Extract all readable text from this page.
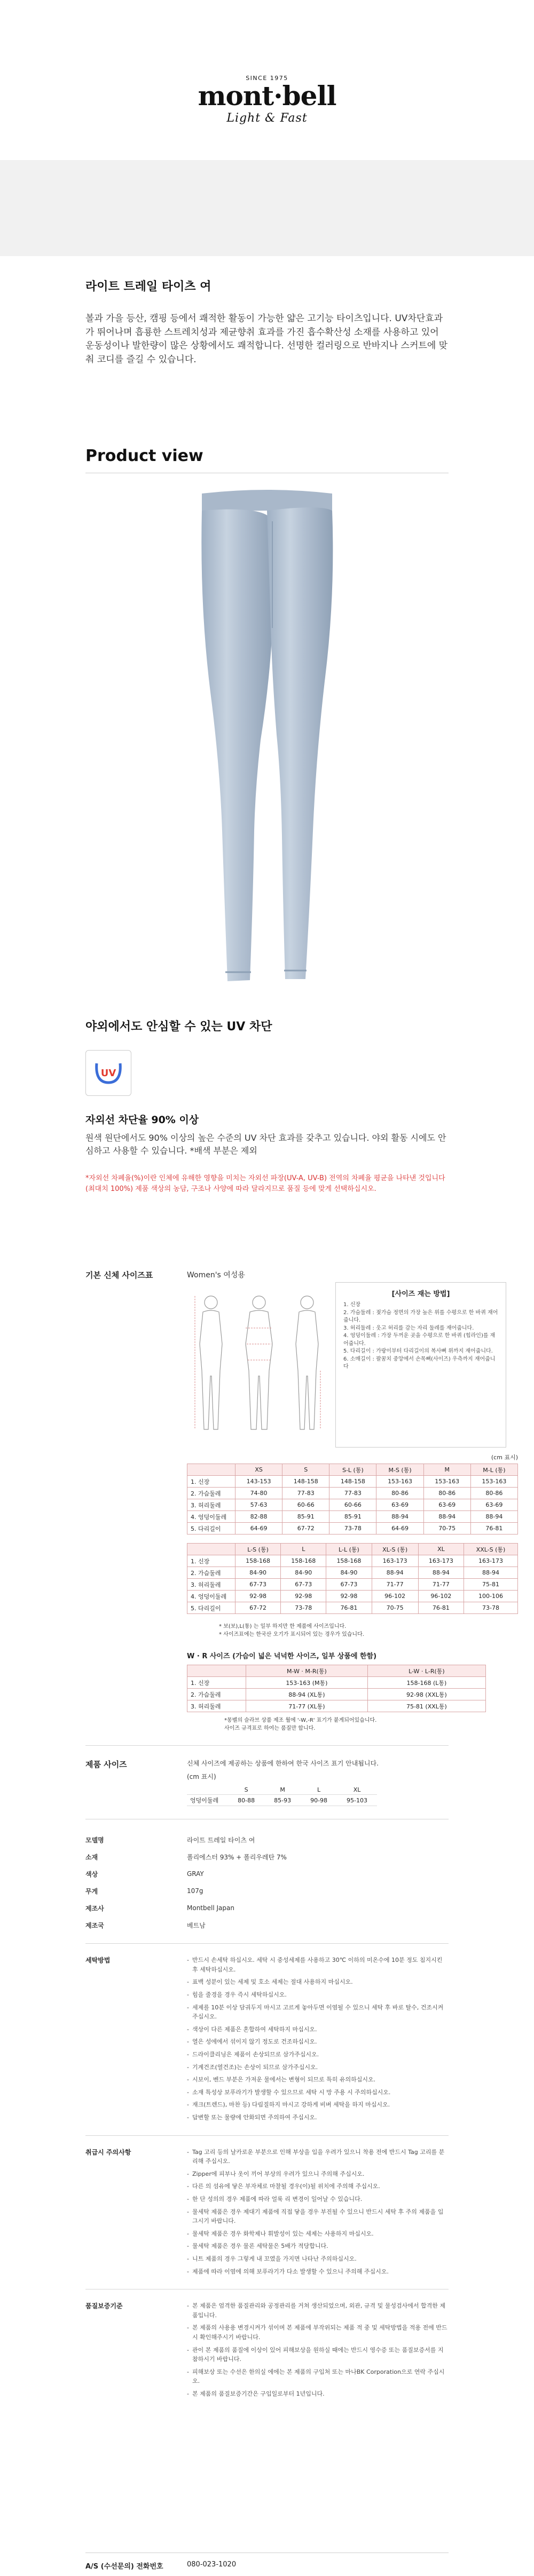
SINCE 1975
mont·bell
Light & Fast
라이트 트레일 타이츠 여
볼과 가을 등산, 캠핑 등에서 쾌적한 활동이 가능한 얇은 고기능 타이츠입니다. UV차단효과가 뛰어나며 흡룡한 스트레치성과 제균향취 효과를 가진 흡수확산성 소재를 사용하고 있어 운동성이나 발한량이 많은 상황에서도 쾌적합니다. 선명한 컬러링으로 반바지나 스커트에 맞춰 코디를 즐길 수 있습니다.
Product view
야외에서도 안심할 수 있는 UV 차단
UV
자외선 차단율 90% 이상
원색 원단에서도 90% 이상의 높은 수준의 UV 차단 효과를 갖추고 있습니다. 야외 활동 시에도 안심하고 사용할 수 있습니다. *배색 부분은 제외
*자외선 차폐율(%)이란 인체에 유해한 영향을 미치는 자외선 파장(UV-A, UV-B) 전역의 차폐율 평균을 나타낸 것입니다 (최대치 100%) 제품 색상의 농담, 구조나 사양에 따라 달라지므로 품질 등에 맞게 선택하십시오.
기본 신체 사이즈표	Women's 여성용
[사이즈 재는 방법]
1. 신장
2. 가슴둘레 : 젖가슴 정면의 가장 높은 위를 수평으로 한 바퀴 재어줍니다.
3. 허리둘레 : 웃고 허리를 감는 자리 둘레를 재어줍니다.
4. 엉덩이둘레 : 가장 두꺼운 곳을 수평으로 한 바퀴 (힙라인)를 재어줍니다.
5. 다리길이 : 가랑이부터 다리길이의 복사뼈 위까지 재어줍니다.
6. 소매길이 : 팔꿈치 중앙에서 손목뼈(사이즈) 우측까지 재어줍니다
(cm 표시)
	XS	S	S-L (통)	M-S (통)	M	M-L (통)
1. 신장	143-153	148-158	148-158	153-163	153-163	153-163
2. 가슴둘레	74-80	77-83	77-83	80-86	80-86	80-86
3. 허리둘레	57-63	60-66	60-66	63-69	63-69	63-69
4. 엉덩이둘레	82-88	85-91	85-91	88-94	88-94	88-94
5. 다리길이	64-69	67-72	73-78	64-69	70-75	76-81
	L-S (통)	L	L-L (통)	XL-S (통)	XL	XXL-S (통)
1. 신장	158-168	158-168	158-168	163-173	163-173	163-173
2. 가슴둘레	84-90	84-90	84-90	88-94	88-94	88-94
3. 허리둘레	67-73	67-73	67-73	71-77	71-77	75-81
4. 엉덩이둘레	92-98	92-98	92-98	96-102	96-102	100-106
5. 다리길이	67-72	73-78	76-81	70-75	76-81	73-78
* 보(보),L(통) 는 일부 하지만 한 제품에 사이즈입니다.
* 사이즈표에는 한국산 오기가 표시되어 있는 경우가 있습니다.
W · R 사이즈 (가슴이 넓은 넉넉한 사이즈, 일부 상품에 한함)
	M-W · M-R(통)	L-W · L-R(통)
1. 신장	153-163 (M통)	158-168 (L통)
2. 가슴둘레	88-94 (XL통)	92-98 (XXL통)
3. 허리둘레	71-77 (XL통)	75-81 (XXL통)
*몽벨의 슬라브 상품 제조 월에 '-W,-R' 표기가 붙게되어있습니다.
사이즈 규격표로 하여는 품질만 합니다.
제품 사이즈	신체 사이즈에 제공하는 상품에 한하여 한국 사이즈 표기 안내됩니다.
(cm 표시)
	S	M	L	XL
엉덩이둘레	80-88	85-93	90-98	95-103
모델명	라이트 트레일 타이츠 여
소재	폴리에스터 93% + 폴리우레탄 7%
색상	GRAY
무게	107g
제조사	Montbell Japan
제조국	베트남
세탁방법	- 반드시 손세탁 하십시오. 세탁 시 중성세제를 사용하고 30℃ 이하의 미온수에 10분 정도 침지시킨 후 세탁하십시오.
- 표백 성분이 있는 세제 및 호소 세제는 절대 사용하지 마십시오.
- 힘을 줄경을 경우 즉시 세탁하십시오.
- 세제를 10분 이상 담궈두지 마시고 고르게 놓아두면 이염될 수 있으니 세탁 후 바로 탈수, 건조시켜 주십시오.
- 색상이 다른 제품은 혼합하여 세탁하지 마십시오.
- 열은 성에에서 섞이지 않기 정도로 건조하십시오.
- 드라이클리닝은 제품이 손상되므로 삼가주십시오.
- 기계건조(열건조)는 손상이 되므로 삼가주십시오.
- 시보이, 벤드 부분은 가져운 물에서는 변형이 되므로 특히 유의하십시오.
- 소재 특성상 보푸라기가 발생할 수 있으므로 세탁 시 망 주용 시 주의하십시오.
- 재크(트렌드), 마찬 등) 다림질하지 마시고 강하게 비벼 세탁을 하지 마십시오.
- 답변할 또는 물량에 안화되면 주의하여 주십시오.
취급시 주의사항	- Tag 고리 등의 날카로운 부분으로 인해 부상을 입을 우려가 있으니 착용 전에 반드시 Tag 고리를 분리해 주십시오.
- Zipper에 피부나 옷이 끼어 부상의 우려가 있으니 주의해 주십시오.
- 다른 의 섬유에 닿은 부자체로 마찰될 경우(이)될 위치에 주의해 주십시오.
- 한 단 성의의 경우 제품에 따라 얼룩 리 변경이 일어날 수 있습니다.
- 물세탁 제품은 경우 제대기 제품에 직접 닿을 경우 부진될 수 있으니 반드시 세탁 후 주의 제품을 입그시기 바랍니다.
- 물세탁 제품은 경우 화학제나 휘발성이 있는 세제는 사용하지 마십시오.
- 물세탁 제품은 경우 물론 세탁물은 5배가 적당합니다.
- 니트 제품의 경우 그렇게 내 꼬였을 가지면 나타난 주의하십시오.
- 제품에 따라 이염에 의해 보푸라기가 다소 발생할 수 있으니 주의해 주십시오.
품질보증기준	- 본 제품은 엄격한 품질관리와 공정관리를 거쳐 생산되었으며, 외관, 규격 및 물성검사에서 합격한 제품입니다.
- 본 제품의 사용용 변경시켜가 섞이며 본 제품에 부작위되는 제품 적 중 및 세탁방법을 적용 전에 반드시 확인해주시기 바랍니다.
- 관이 본 제품의 품질에 이상이 있어 피해보상을 원하실 때에는 반드시 영수증 또는 품질보증서를 지참하시기 바랍니다.
- 피해보상 또는 수선은 한의실 에에는 본 제품의 구입처 또는 마나BK Corporation으로 연락 주십시오.
- 본 제품의 품질보증기간은 구입일로부터 1년입니다.
A/S (수선문의) 전화번호	080-023-1020
